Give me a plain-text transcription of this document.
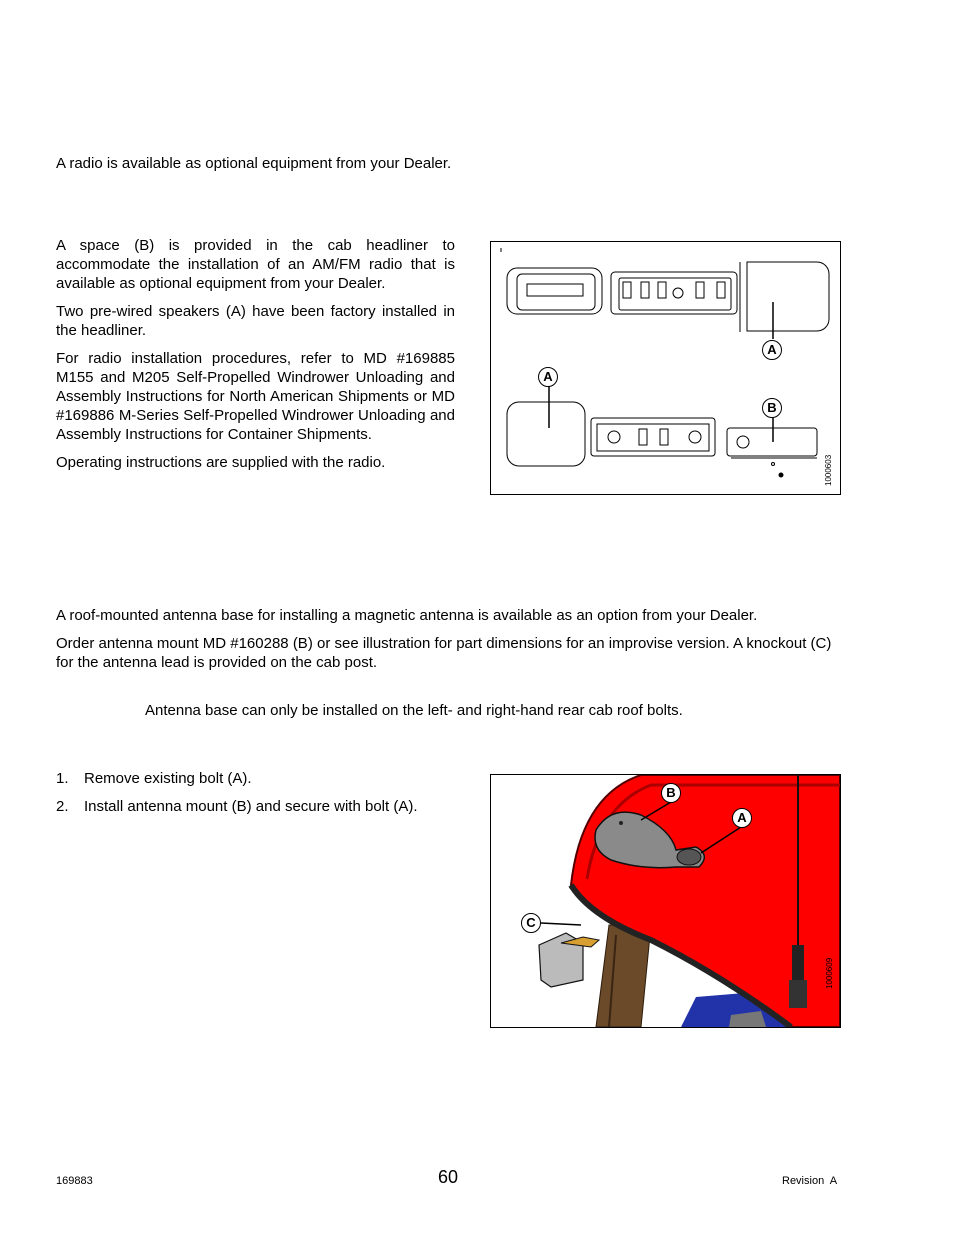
A radio is available as optional equipment from your Dealer.

A space (B) is provided in the cab headliner to accommodate the installation of an AM/FM radio that is available as optional equipment from your Dealer.

Two pre-wired speakers (A) have been factory installed in the headliner.

For radio installation procedures, refer to MD #169885 M155 and M205 Self-Propelled Windrower Unloading and Assembly Instructions for North American Shipments or MD #169886 M-Series Self-Propelled Windrower Unloading and Assembly Instructions for Container Shipments.

Operating instructions are supplied with the radio.

A
A
B
1000603

A roof-mounted antenna base for installing a magnetic antenna is available as an option from your Dealer.

Order antenna mount MD #160288 (B) or see illustration for part dimensions for an improvise version. A knockout (C) for the antenna lead is provided on the cab post.

Antenna base can only be installed on the left- and right-hand rear cab roof bolts.

1. Remove existing bolt (A).
2. Install antenna mount (B) and secure with bolt (A).
B
A
C
1000609
169883	60	Revision  A
